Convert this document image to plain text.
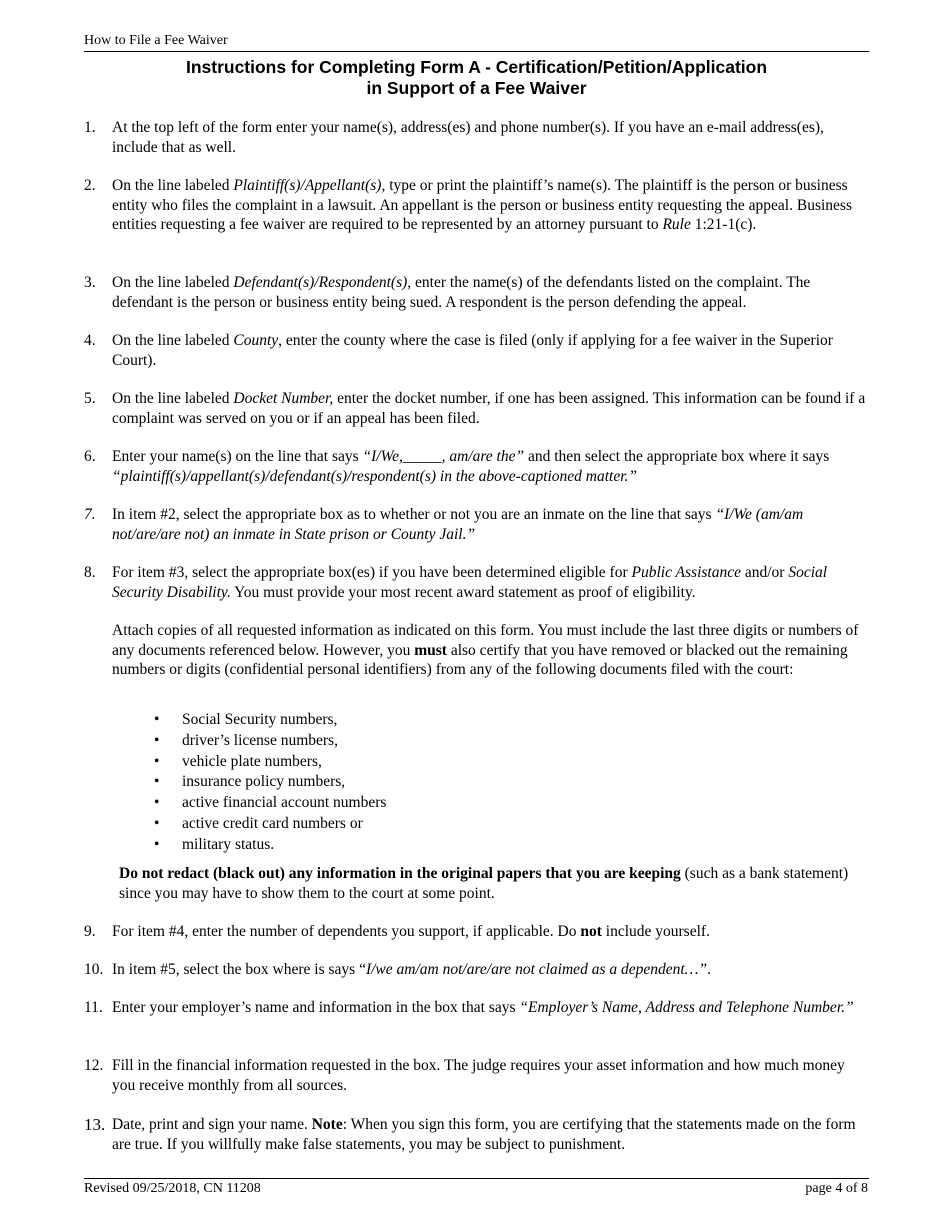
How to File a Fee Waiver
Instructions for Completing Form A - Certification/Petition/Application
in Support of a Fee Waiver
1. At the top left of the form enter your name(s), address(es) and phone number(s). If you have an e-mail address(es), include that as well.
2. On the line labeled Plaintiff(s)/Appellant(s), type or print the plaintiff’s name(s). The plaintiff is the person or business entity who files the complaint in a lawsuit. An appellant is the person or business entity requesting the appeal. Business entities requesting a fee waiver are required to be represented by an attorney pursuant to Rule 1:21-1(c).
3. On the line labeled Defendant(s)/Respondent(s), enter the name(s) of the defendants listed on the complaint. The defendant is the person or business entity being sued. A respondent is the person defending the appeal.
4. On the line labeled County, enter the county where the case is filed (only if applying for a fee waiver in the Superior Court).
5. On the line labeled Docket Number, enter the docket number, if one has been assigned. This information can be found if a complaint was served on you or if an appeal has been filed.
6. Enter your name(s) on the line that says “I/We,_____, am/are the” and then select the appropriate box where it says “plaintiff(s)/appellant(s)/defendant(s)/respondent(s) in the above-captioned matter.”
7. In item #2, select the appropriate box as to whether or not you are an inmate on the line that says “I/We (am/am not/are/are not) an inmate in State prison or County Jail.”
8. For item #3, select the appropriate box(es) if you have been determined eligible for Public Assistance and/or Social Security Disability. You must provide your most recent award statement as proof of eligibility.
Attach copies of all requested information as indicated on this form. You must include the last three digits or numbers of any documents referenced below. However, you must also certify that you have removed or blacked out the remaining numbers or digits (confidential personal identifiers) from any of the following documents filed with the court:
• Social Security numbers,
• driver’s license numbers,
• vehicle plate numbers,
• insurance policy numbers,
• active financial account numbers
• active credit card numbers or
• military status.
Do not redact (black out) any information in the original papers that you are keeping (such as a bank statement) since you may have to show them to the court at some point.
9. For item #4, enter the number of dependents you support, if applicable. Do not include yourself.
10. In item #5, select the box where is says “I/we am/am not/are/are not claimed as a dependent…”.
11. Enter your employer’s name and information in the box that says “Employer’s Name, Address and Telephone Number.”
12. Fill in the financial information requested in the box. The judge requires your asset information and how much money you receive monthly from all sources.
13. Date, print and sign your name. Note: When you sign this form, you are certifying that the statements made on the form are true. If you willfully make false statements, you may be subject to punishment.
Revised 09/25/2018, CN 11208	page 4 of 8
